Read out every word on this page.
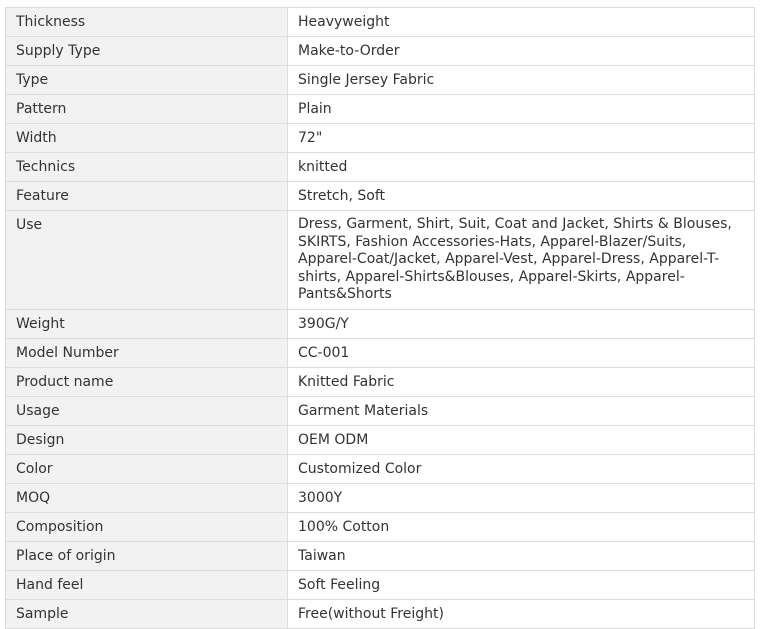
Thickness	Heavyweight
Supply Type	Make-to-Order
Type	Single Jersey Fabric
Pattern	Plain
Width	72"
Technics	knitted
Feature	Stretch, Soft
Use	Dress, Garment, Shirt, Suit, Coat and Jacket, Shirts & Blouses, SKIRTS, Fashion Accessories-Hats, Apparel-Blazer/Suits, Apparel-Coat/Jacket, Apparel-Vest, Apparel-Dress, Apparel-T-shirts, Apparel-Shirts&Blouses, Apparel-Skirts, Apparel-Pants&Shorts
Weight	390G/Y
Model Number	CC-001
Product name	Knitted Fabric
Usage	Garment Materials
Design	OEM ODM
Color	Customized Color
MOQ	3000Y
Composition	100% Cotton
Place of origin	Taiwan
Hand feel	Soft Feeling
Sample	Free(without Freight)
